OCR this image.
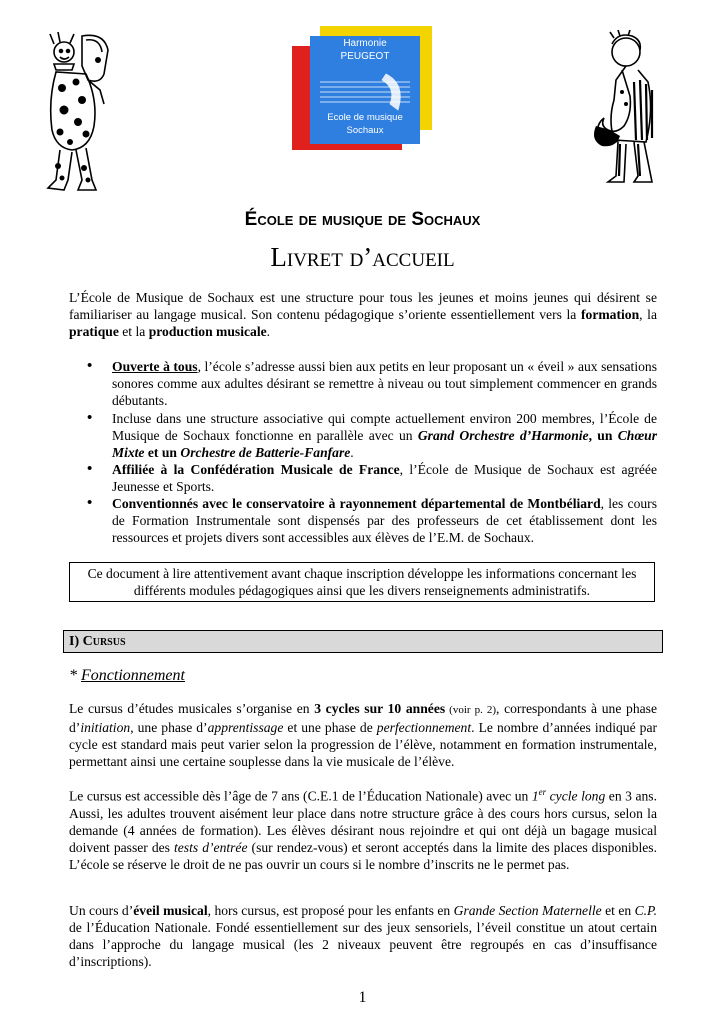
Harmonie
PEUGEOT
Ecole de musique
Sochaux
École de musique de Sochaux
Livret d’accueil
L’École de Musique de Sochaux est une structure pour tous les jeunes et moins jeunes qui désirent se familiariser au langage musical. Son contenu pédagogique s’oriente essentiellement vers la formation, la pratique et la production musicale.
• Ouverte à tous, l’école s’adresse aussi bien aux petits en leur proposant un « éveil » aux sensations sonores comme aux adultes désirant se remettre à niveau ou tout simplement commencer en grands débutants.
• Incluse dans une structure associative qui compte actuellement environ 200 membres, l’École de Musique de Sochaux fonctionne en parallèle avec un Grand Orchestre d’Harmonie, un Chœur Mixte et un Orchestre de Batterie-Fanfare.
• Affiliée à la Confédération Musicale de France, l’École de Musique de Sochaux est agréée Jeunesse et Sports.
• Conventionnés avec le conservatoire à rayonnement départemental de Montbéliard, les cours de Formation Instrumentale sont dispensés par des professeurs de cet établissement dont les ressources et projets divers sont accessibles aux élèves de l’E.M. de Sochaux.
Ce document à lire attentivement avant chaque inscription développe les informations concernant les différents modules pédagogiques ainsi que les divers renseignements administratifs.
I) Cursus
* Fonctionnement
Le cursus d’études musicales s’organise en 3 cycles sur 10 années (voir p. 2), correspondants à une phase d’initiation, une phase d’apprentissage et une phase de perfectionnement. Le nombre d’années indiqué par cycle est standard mais peut varier selon la progression de l’élève, notamment en formation instrumentale, permettant ainsi une certaine souplesse dans la vie musicale de l’élève.
Le cursus est accessible dès l’âge de 7 ans (C.E.1 de l’Éducation Nationale) avec un 1er cycle long en 3 ans. Aussi, les adultes trouvent aisément leur place dans notre structure grâce à des cours hors cursus, selon la demande (4 années de formation). Les élèves désirant nous rejoindre et qui ont déjà un bagage musical doivent passer des tests d’entrée (sur rendez-vous) et seront acceptés dans la limite des places disponibles. L’école se réserve le droit de ne pas ouvrir un cours si le nombre d’inscrits ne le permet pas.
Un cours d’éveil musical, hors cursus, est proposé pour les enfants en Grande Section Maternelle et en C.P. de l’Éducation Nationale. Fondé essentiellement sur des jeux sensoriels, l’éveil constitue un atout certain dans l’approche du langage musical (les 2 niveaux peuvent être regroupés en cas d’insuffisance d’inscriptions).
1
